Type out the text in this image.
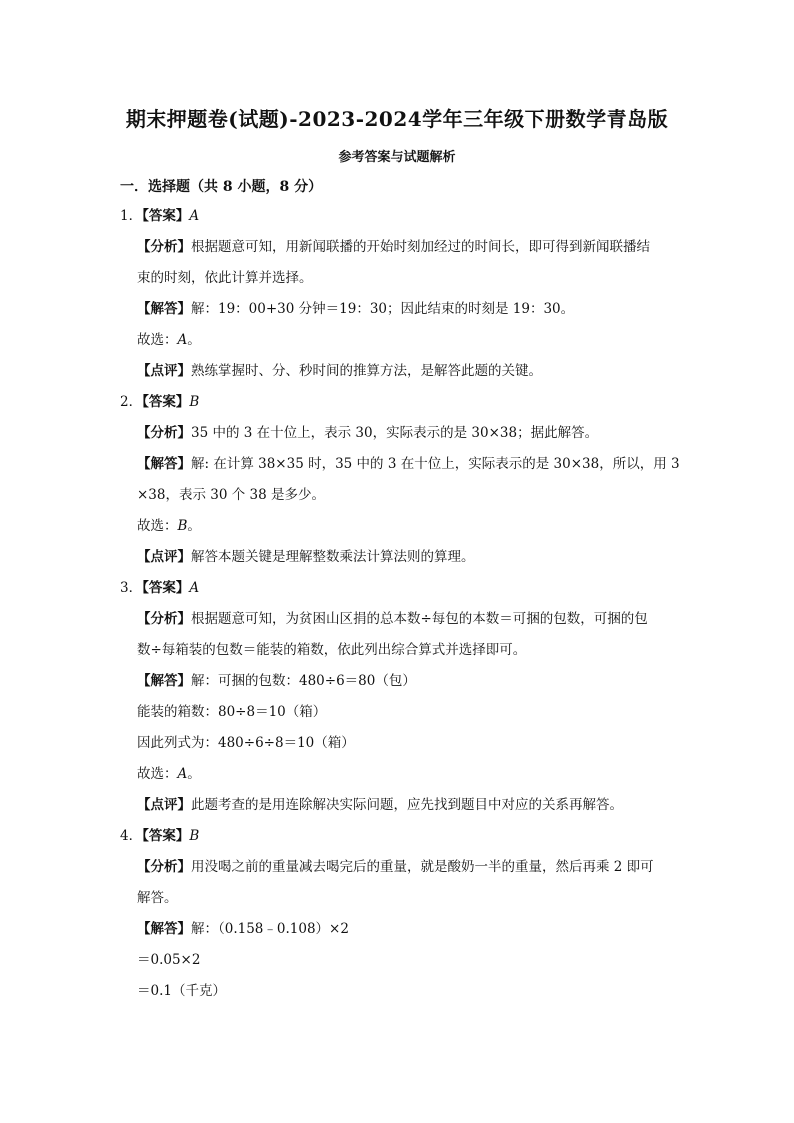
期末押题卷(试题)-2023-2024学年三年级下册数学青岛版
参考答案与试题解析
一．选择题（共 8 小题，8 分）
1．【答案】A
【分析】根据题意可知，用新闻联播的开始时刻加经过的时间长，即可得到新闻联播结
束的时刻，依此计算并选择。
【解答】解：19：00+30 分钟＝19：30；因此结束的时刻是 19：30。
故选：A。
【点评】熟练掌握时、分、秒时间的推算方法，是解答此题的关键。
2．【答案】B
【分析】35 中的 3 在十位上，表示 30，实际表示的是 30×38；据此解答。
【解答】解: 在计算 38×35 时，35 中的 3 在十位上，实际表示的是 30×38，所以，用 3
×38，表示 30 个 38 是多少。
故选：B。
【点评】解答本题关键是理解整数乘法计算法则的算理。
3．【答案】A
【分析】根据题意可知，为贫困山区捐的总本数÷每包的本数＝可捆的包数，可捆的包
数÷每箱装的包数＝能装的箱数，依此列出综合算式并选择即可。
【解答】解：可捆的包数：480÷6＝80（包）
能装的箱数：80÷8＝10（箱）
因此列式为：480÷6÷8＝10（箱）
故选：A。
【点评】此题考查的是用连除解决实际问题，应先找到题目中对应的关系再解答。
4．【答案】B
【分析】用没喝之前的重量减去喝完后的重量，就是酸奶一半的重量，然后再乘 2 即可
解答。
【解答】解：（0.158﹣0.108）×2
＝0.05×2
＝0.1（千克）
